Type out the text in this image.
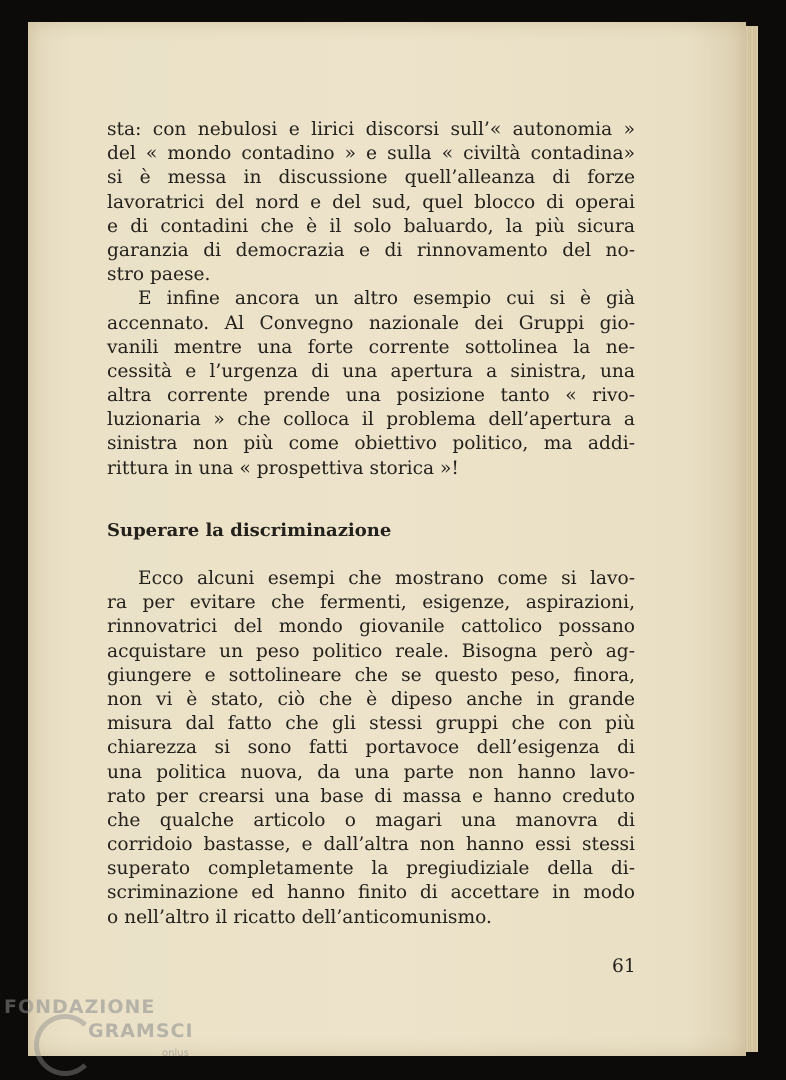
sta: con nebulosi e lirici discorsi sull’« autonomia »
del « mondo contadino » e sulla « civiltà contadina»
si è messa in discussione quell’alleanza di forze
lavoratrici del nord e del sud, quel blocco di operai
e di contadini che è il solo baluardo, la più sicura
garanzia di democrazia e di rinnovamento del no-
stro paese.
E infine ancora un altro esempio cui si è già
accennato. Al Convegno nazionale dei Gruppi gio-
vanili mentre una forte corrente sottolinea la ne-
cessità e l’urgenza di una apertura a sinistra, una
altra corrente prende una posizione tanto « rivo-
luzionaria » che colloca il problema dell’apertura a
sinistra non più come obiettivo politico, ma addi-
rittura in una « prospettiva storica »!
Superare la discriminazione
Ecco alcuni esempi che mostrano come si lavo-
ra per evitare che fermenti, esigenze, aspirazioni,
rinnovatrici del mondo giovanile cattolico possano
acquistare un peso politico reale. Bisogna però ag-
giungere e sottolineare che se questo peso, finora,
non vi è stato, ciò che è dipeso anche in grande
misura dal fatto che gli stessi gruppi che con più
chiarezza si sono fatti portavoce dell’esigenza di
una politica nuova, da una parte non hanno lavo-
rato per crearsi una base di massa e hanno creduto
che qualche articolo o magari una manovra di
corridoio bastasse, e dall’altra non hanno essi stessi
superato completamente la pregiudiziale della di-
scriminazione ed hanno finito di accettare in modo
o nell’altro il ricatto dell’anticomunismo.
61
FONDAZIONE
GRAMSCI
onlus
